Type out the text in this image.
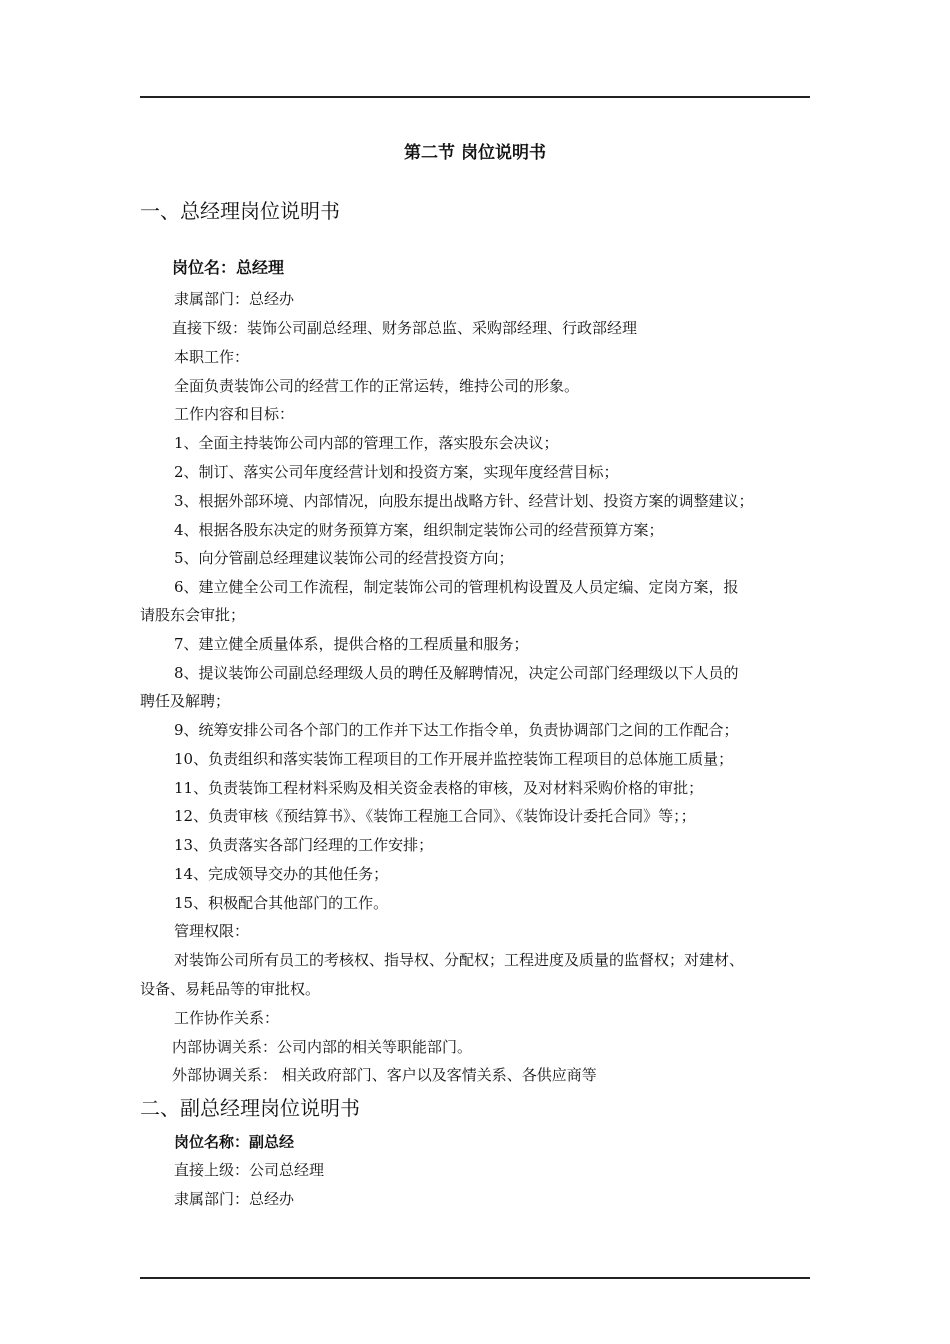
第二节 岗位说明书
一、总经理岗位说明书
岗位名：总经理
隶属部门：总经办
直接下级：装饰公司副总经理、财务部总监、采购部经理、行政部经理
本职工作：
全面负责装饰公司的经营工作的正常运转，维持公司的形象。
工作内容和目标：
1、全面主持装饰公司内部的管理工作，落实股东会决议；
2、制订、落实公司年度经营计划和投资方案，实现年度经营目标；
3、根据外部环境、内部情况，向股东提出战略方针、经营计划、投资方案的调整建议；
4、根据各股东决定的财务预算方案，组织制定装饰公司的经营预算方案；
5、向分管副总经理建议装饰公司的经营投资方向；
6、建立健全公司工作流程，制定装饰公司的管理机构设置及人员定编、定岗方案，报
请股东会审批；
7、建立健全质量体系，提供合格的工程质量和服务；
8、提议装饰公司副总经理级人员的聘任及解聘情况，决定公司部门经理级以下人员的
聘任及解聘；
9、统筹安排公司各个部门的工作并下达工作指令单，负责协调部门之间的工作配合；
10、负责组织和落实装饰工程项目的工作开展并监控装饰工程项目的总体施工质量；
11、负责装饰工程材料采购及相关资金表格的审核，及对材料采购价格的审批；
12、负责审核《预结算书》、《装饰工程施工合同》、《装饰设计委托合同》等；；
13、负责落实各部门经理的工作安排；
14、完成领导交办的其他任务；
15、积极配合其他部门的工作。
管理权限：
对装饰公司所有员工的考核权、指导权、分配权；工程进度及质量的监督权；对建材、
设备、易耗品等的审批权。
工作协作关系：
内部协调关系：公司内部的相关等职能部门。
外部协调关系： 相关政府部门、客户以及客情关系、各供应商等
二、副总经理岗位说明书
岗位名称：副总经
直接上级：公司总经理
隶属部门：总经办
